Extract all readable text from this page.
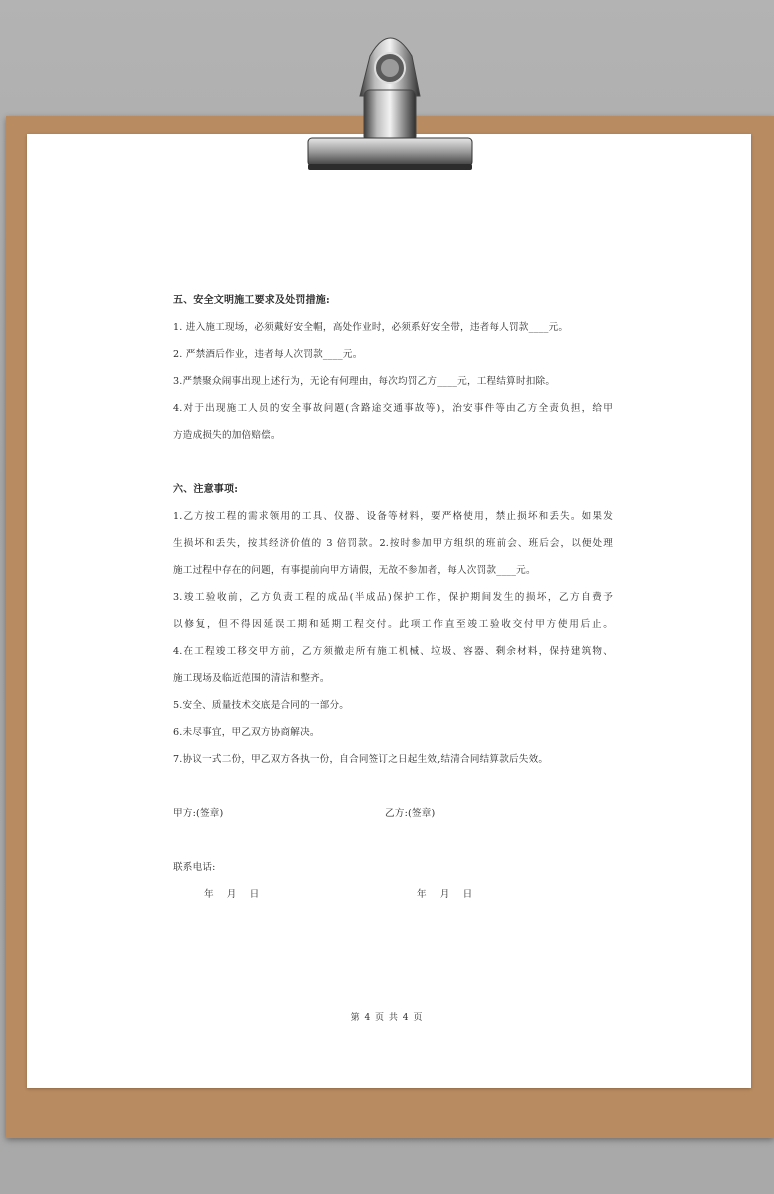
五、安全文明施工要求及处罚措施:

1. 进入施工现场，必须戴好安全帽，高处作业时，必须系好安全带，违者每人罚款____元。

2. 严禁酒后作业，违者每人次罚款____元。

3.严禁聚众闹事出现上述行为，无论有何理由，每次均罚乙方____元，工程结算时扣除。

4.对于出现施工人员的安全事故问题(含路途交通事故等)，治安事件等由乙方全责负担，给甲

方造成损失的加倍赔偿。

六、注意事项:

1.乙方按工程的需求领用的工具、仪器、设备等材料，要严格使用，禁止损坏和丢失。如果发

生损坏和丢失，按其经济价值的 3 倍罚款。2.按时参加甲方组织的班前会、班后会，以便处理

施工过程中存在的问题，有事提前向甲方请假，无故不参加者，每人次罚款____元。

3.竣工验收前，乙方负责工程的成品(半成品)保护工作，保护期间发生的损坏，乙方自费予

以修复，但不得因延误工期和延期工程交付。此项工作直至竣工验收交付甲方使用后止。

4.在工程竣工移交甲方前，乙方须撤走所有施工机械、垃圾、容器、剩余材料，保持建筑物、

施工现场及临近范围的清洁和整齐。

5.安全、质量技术交底是合同的一部分。

6.未尽事宜，甲乙双方协商解决。

7.协议一式二份，甲乙双方各执一份，自合同签订之日起生效,结清合同结算款后失效。

甲方:(签章)	乙方:(签章)
联系电话:
年    月    日	年    月    日
第 4 页 共 4 页
